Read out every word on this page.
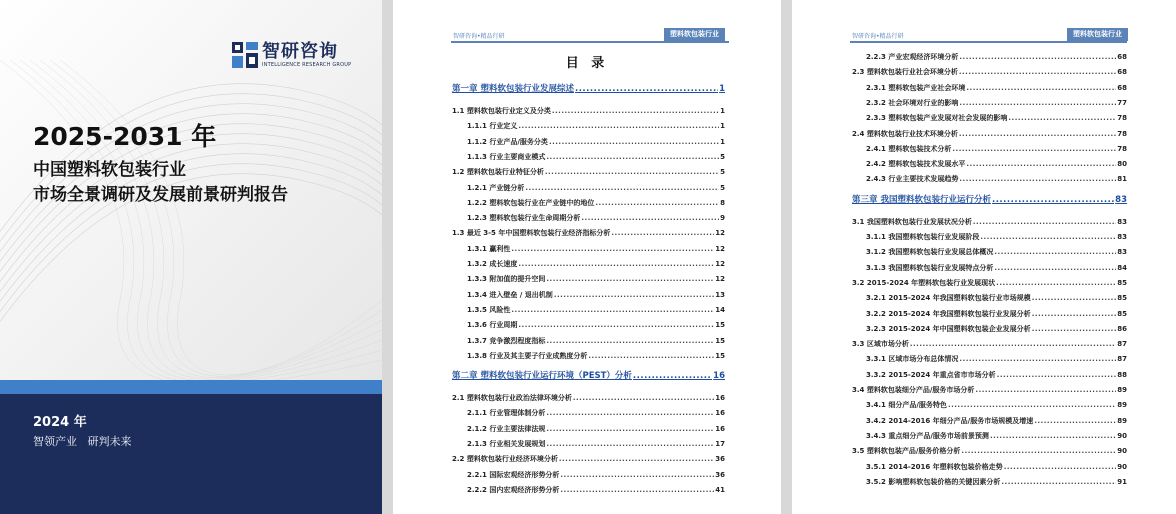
智研咨询
INTELLIGENCE RESEARCH GROUP
2025-2031 年
中国塑料软包装行业
市场全景调研及发展前景研判报告
2024 年
智领产业   研判未来
智研咨询•精品行研	塑料软包装行业
目 录
第一章 塑料软包装行业发展综述 .....	1
1.1 塑料软包装行业定义及分类 .....	1
1.1.1 行业定义 .....	1
1.1.2 行业产品/服务分类 .....	1
1.1.3 行业主要商业模式 .....	5
1.2 塑料软包装行业特征分析 .....	5
1.2.1 产业链分析 .....	5
1.2.2 塑料软包装行业在产业链中的地位 .....	8
1.2.3 塑料软包装行业生命周期分析 .....	9
1.3 最近 3-5 年中国塑料软包装行业经济指标分析 .....	12
1.3.1 赢利性 .....	12
1.3.2 成长速度 .....	12
1.3.3 附加值的提升空间 .....	12
1.3.4 进入壁垒 / 退出机制 .....	13
1.3.5 风险性 .....	14
1.3.6 行业周期 .....	15
1.3.7 竞争激烈程度指标 .....	15
1.3.8 行业及其主要子行业成熟度分析 .....	15
第二章 塑料软包装行业运行环境（PEST）分析 .....	16
2.1 塑料软包装行业政治法律环境分析 .....	16
2.1.1 行业管理体制分析 .....	16
2.1.2 行业主要法律法规 .....	16
2.1.3 行业相关发展规划 .....	17
2.2 塑料软包装行业经济环境分析 .....	36
2.2.1 国际宏观经济形势分析 .....	36
2.2.2 国内宏观经济形势分析 .....	41
智研咨询•精品行研	塑料软包装行业
2.2.3 产业宏观经济环境分析 .....	68
2.3 塑料软包装行业社会环境分析 .....	68
2.3.1 塑料软包装产业社会环境 .....	68
2.3.2 社会环境对行业的影响 .....	77
2.3.3 塑料软包装产业发展对社会发展的影响 .....	78
2.4 塑料软包装行业技术环境分析 .....	78
2.4.1 塑料软包装技术分析 .....	78
2.4.2 塑料软包装技术发展水平 .....	80
2.4.3 行业主要技术发展趋势 .....	81
第三章 我国塑料软包装行业运行分析 .....	83
3.1 我国塑料软包装行业发展状况分析 .....	83
3.1.1 我国塑料软包装行业发展阶段 .....	83
3.1.2 我国塑料软包装行业发展总体概况 .....	83
3.1.3 我国塑料软包装行业发展特点分析 .....	84
3.2 2015-2024 年塑料软包装行业发展现状 .....	85
3.2.1 2015-2024 年我国塑料软包装行业市场规模 .....	85
3.2.2 2015-2024 年我国塑料软包装行业发展分析 .....	85
3.2.3 2015-2024 年中国塑料软包装企业发展分析 .....	86
3.3 区域市场分析 .....	87
3.3.1 区域市场分布总体情况 .....	87
3.3.2 2015-2024 年重点省市市场分析 .....	88
3.4 塑料软包装细分产品/服务市场分析 .....	89
3.4.1 细分产品/服务特色 .....	89
3.4.2 2014-2016 年细分产品/服务市场规模及增速 .....	89
3.4.3 重点细分产品/服务市场前景预测 .....	90
3.5 塑料软包装产品/服务价格分析 .....	90
3.5.1 2014-2016 年塑料软包装价格走势 .....	90
3.5.2 影响塑料软包装价格的关键因素分析 .....	91
